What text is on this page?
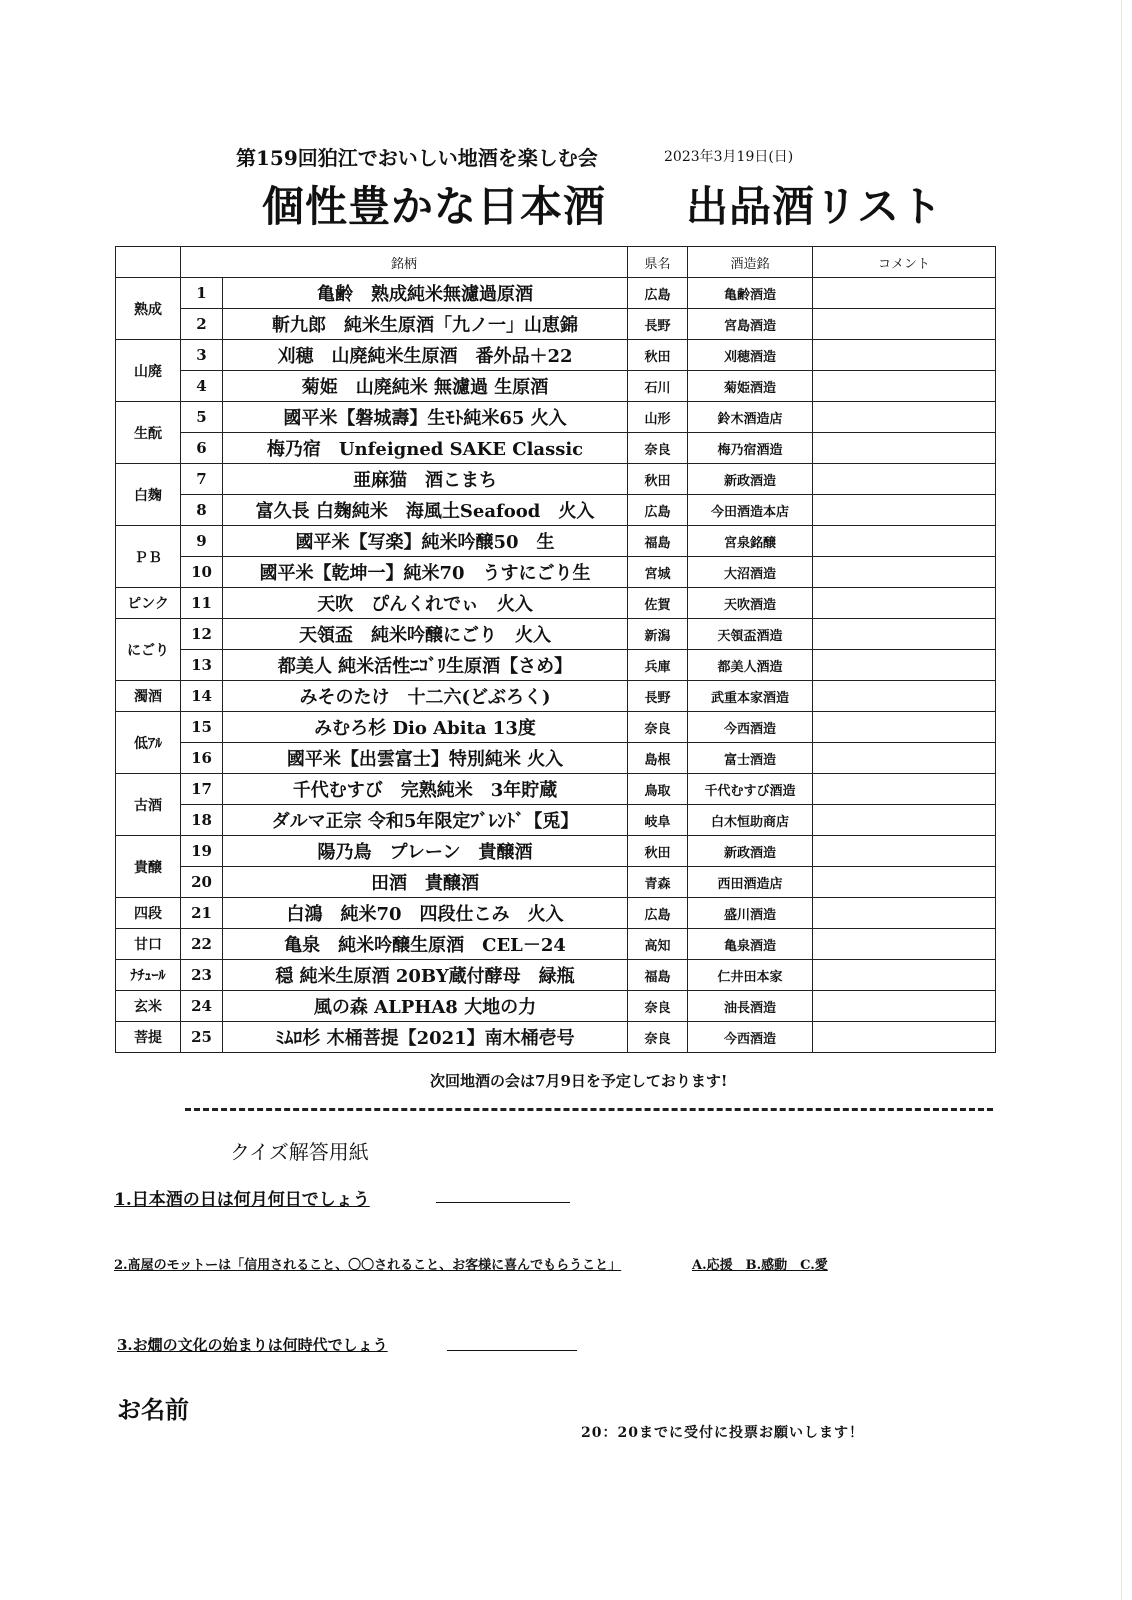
第159回狛江でおいしい地酒を楽しむ会	2023年3月19日(日)
個性豊かな日本酒 出品酒リスト
	銘柄		県名	酒造銘	コメント
熟成	1	亀齢　熟成純米無濾過原酒	広島	亀齢酒造	
	2	斬九郎　純米生原酒「九ノ一」山恵錦	長野	宮島酒造	
山廃	3	刈穂　山廃純米生原酒　番外品＋22	秋田	刈穂酒造	
	4	菊姫　山廃純米 無濾過 生原酒	石川	菊姫酒造	
生酛	5	國平米【磐城壽】生ﾓﾄ純米65 火入	山形	鈴木酒造店	
	6	梅乃宿　Unfeigned SAKE Classic	奈良	梅乃宿酒造	
白麹	7	亜麻猫　酒こまち	秋田	新政酒造	
	8	富久長 白麹純米　海風土Seafood　火入	広島	今田酒造本店	
ＰＢ	9	國平米【写楽】純米吟醸50　生	福島	宮泉銘醸	
	10	國平米【乾坤一】純米70　うすにごり生	宮城	大沼酒造	
ピンク	11	天吹　ぴんくれでぃ　火入	佐賀	天吹酒造	
にごり	12	天領盃　純米吟醸にごり　火入	新潟	天領盃酒造	
	13	都美人 純米活性ﾆｺﾞﾘ生原酒【さめ】	兵庫	都美人酒造	
濁酒	14	みそのたけ　十二六(どぶろく)	長野	武重本家酒造	
低ｱﾙ	15	みむろ杉 Dio Abita 13度	奈良	今西酒造	
	16	國平米【出雲富士】特別純米 火入	島根	富士酒造	
古酒	17	千代むすび　完熟純米　3年貯蔵	鳥取	千代むすび酒造	
	18	ダルマ正宗 令和5年限定ﾌﾞﾚﾝﾄﾞ【兎】	岐阜	白木恒助商店	
貴醸	19	陽乃鳥　プレーン　貴醸酒	秋田	新政酒造	
	20	田酒　貴醸酒	青森	西田酒造店	
四段	21	白鴻　純米70　四段仕こみ　火入	広島	盛川酒造	
甘口	22	亀泉　純米吟醸生原酒　CEL－24	高知	亀泉酒造	
ﾅﾁｭｰﾙ	23	穏 純米生原酒 20BY蔵付酵母　緑瓶	福島	仁井田本家	
玄米	24	風の森 ALPHA8 大地の力	奈良	油長酒造	
菩提	25	ﾐﾑﾛ杉 木桶菩提【2021】南木桶壱号	奈良	今西酒造	
次回地酒の会は7月9日を予定しております!
クイズ解答用紙
1.日本酒の日は何月何日でしょう
2.髙屋のモットーは「信用されること、〇〇されること、お客様に喜んでもらうこと」	A.応援　B.感動　C.愛
3.お燗の文化の始まりは何時代でしょう
お名前
20：20までに受付に投票お願いします！
